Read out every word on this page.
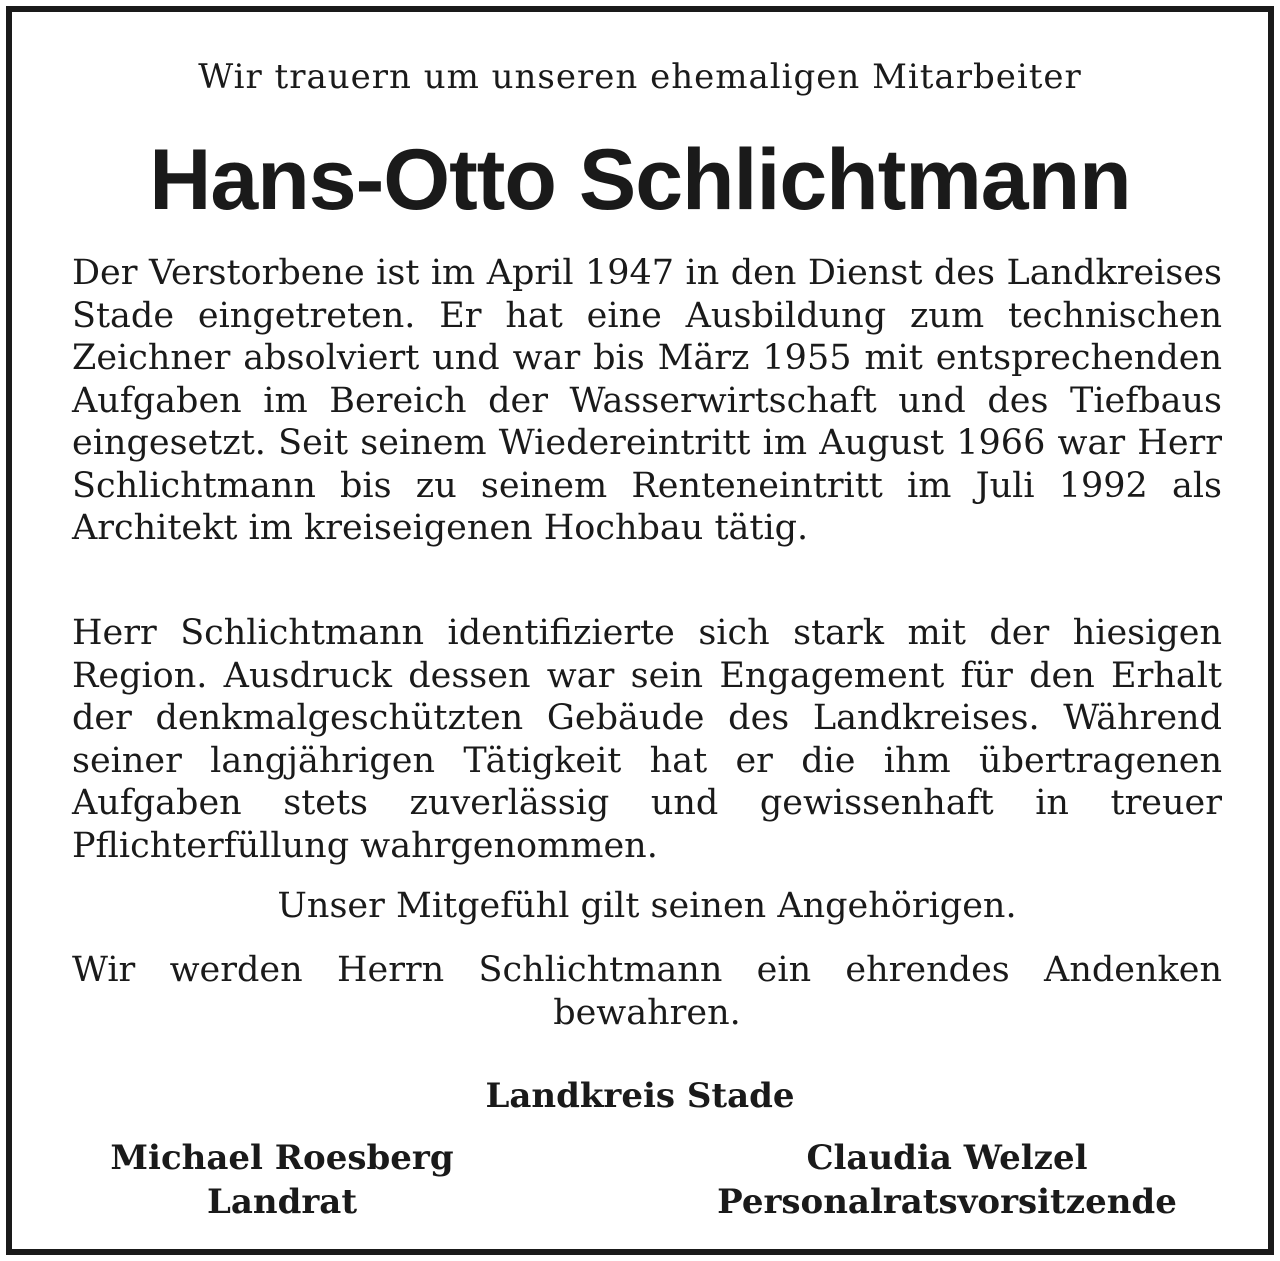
Wir trauern um unseren ehemaligen Mitarbeiter
Hans-Otto Schlichtmann

Der Verstorbene ist im April 1947 in den Dienst des Landkreises Stade eingetreten. Er hat eine Ausbildung zum technischen Zeichner absolviert und war bis März 1955 mit entsprechenden Aufgaben im Bereich der Wasserwirtschaft und des Tiefbaus eingesetzt. Seit seinem Wiedereintritt im August 1966 war Herr Schlichtmann bis zu seinem Renteneintritt im Juli 1992 als Architekt im kreiseigenen Hochbau tätig.

Herr Schlichtmann identifizierte sich stark mit der hiesigen Region. Ausdruck dessen war sein Engagement für den Erhalt der denkmalgeschützten Gebäude des Landkreises. Während seiner langjährigen Tätigkeit hat er die ihm übertragenen Aufgaben stets zuverlässig und gewissenhaft in treuer Pflichterfüllung wahrgenommen.

Unser Mitgefühl gilt seinen Angehörigen.

Wir werden Herrn Schlichtmann ein ehrendes Andenken bewahren.

Landkreis Stade
Michael Roesberg
Landrat
Claudia Welzel
Personalratsvorsitzende
